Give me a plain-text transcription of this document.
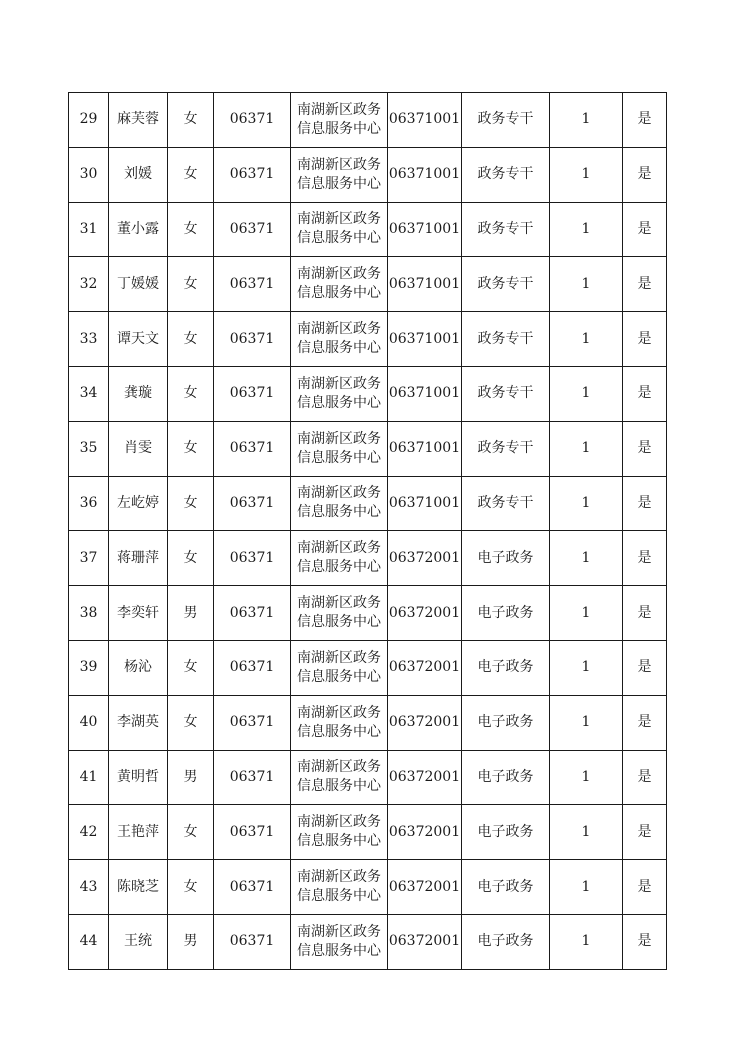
29	麻芙蓉	女	06371	南湖新区政务信息服务中心	06371001	政务专干	1	是
30	刘媛	女	06371	南湖新区政务信息服务中心	06371001	政务专干	1	是
31	董小露	女	06371	南湖新区政务信息服务中心	06371001	政务专干	1	是
32	丁媛媛	女	06371	南湖新区政务信息服务中心	06371001	政务专干	1	是
33	谭天文	女	06371	南湖新区政务信息服务中心	06371001	政务专干	1	是
34	龚璇	女	06371	南湖新区政务信息服务中心	06371001	政务专干	1	是
35	肖雯	女	06371	南湖新区政务信息服务中心	06371001	政务专干	1	是
36	左屹婷	女	06371	南湖新区政务信息服务中心	06371001	政务专干	1	是
37	蒋珊萍	女	06371	南湖新区政务信息服务中心	06372001	电子政务	1	是
38	李奕轩	男	06371	南湖新区政务信息服务中心	06372001	电子政务	1	是
39	杨沁	女	06371	南湖新区政务信息服务中心	06372001	电子政务	1	是
40	李湖英	女	06371	南湖新区政务信息服务中心	06372001	电子政务	1	是
41	黄明哲	男	06371	南湖新区政务信息服务中心	06372001	电子政务	1	是
42	王艳萍	女	06371	南湖新区政务信息服务中心	06372001	电子政务	1	是
43	陈晓芝	女	06371	南湖新区政务信息服务中心	06372001	电子政务	1	是
44	王统	男	06371	南湖新区政务信息服务中心	06372001	电子政务	1	是
